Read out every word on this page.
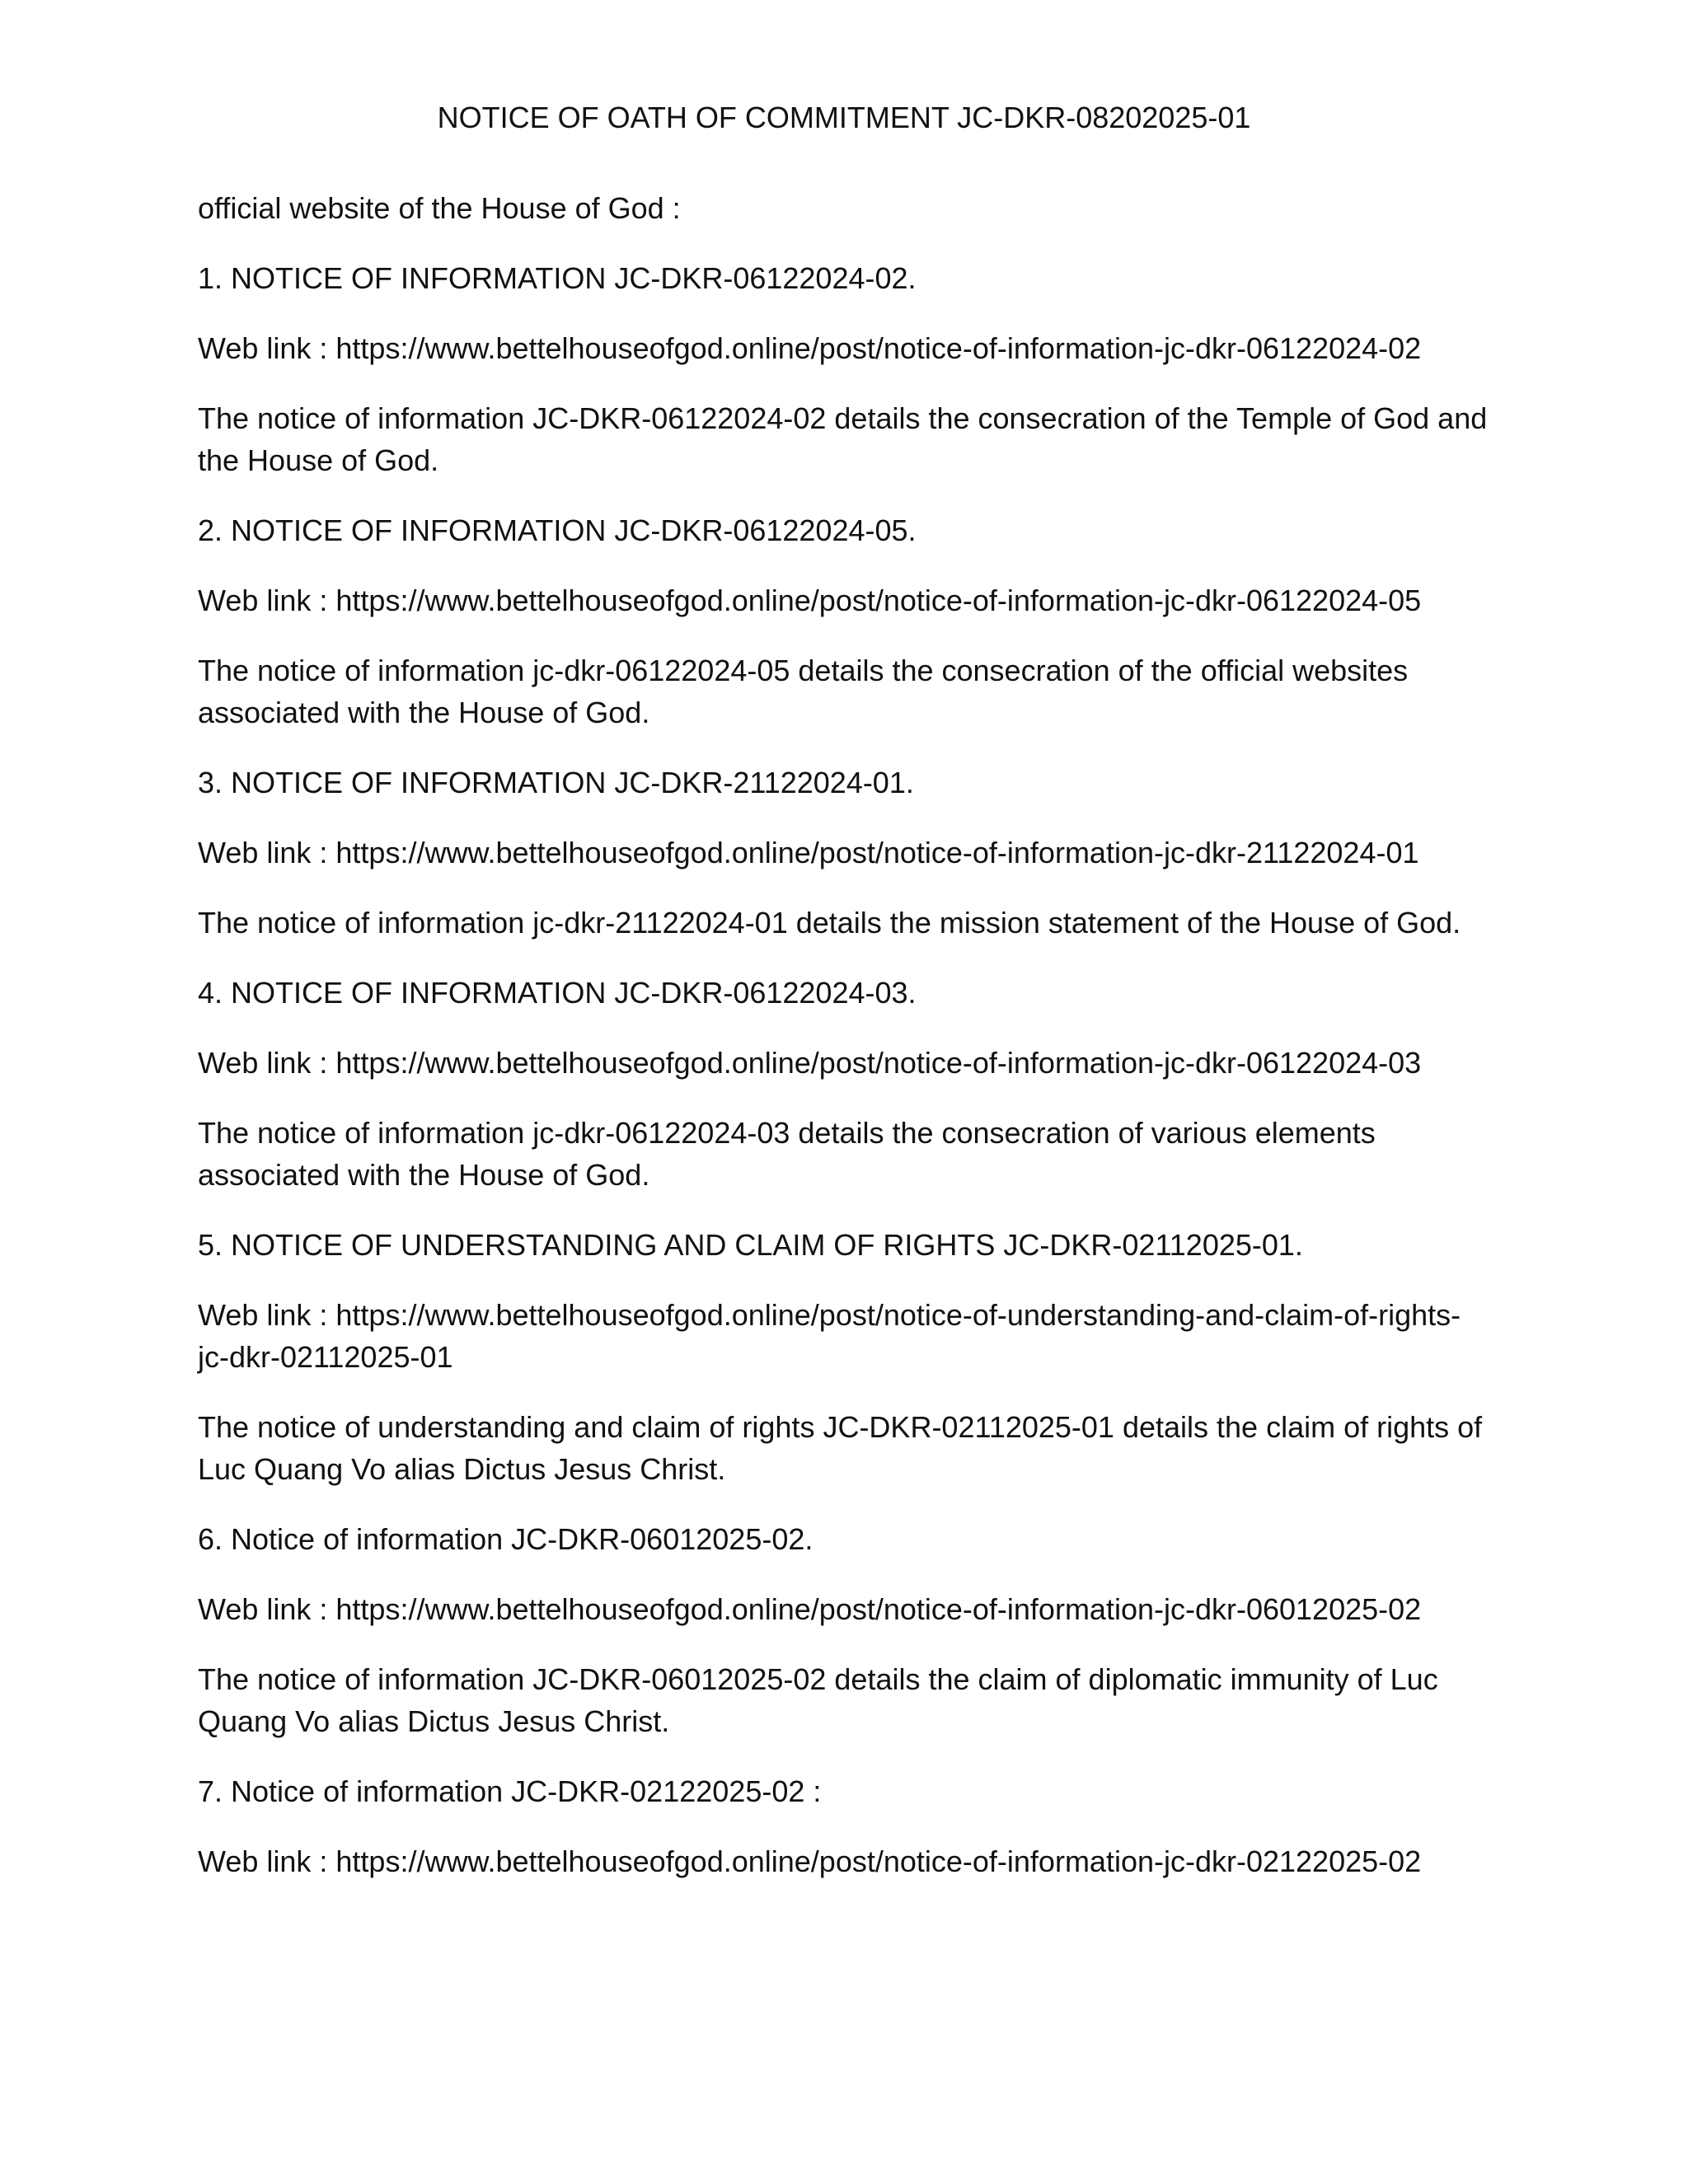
NOTICE OF OATH OF COMMITMENT JC-DKR-08202025-01

official website of the House of God :

1. NOTICE OF INFORMATION JC-DKR-06122024-02.

Web link : https://www.bettelhouseofgod.online/post/notice-of-information-jc-dkr-06122024-02

The notice of information JC-DKR-06122024-02 details the consecration of the Temple of God and the House of God.

2. NOTICE OF INFORMATION JC-DKR-06122024-05.

Web link : https://www.bettelhouseofgod.online/post/notice-of-information-jc-dkr-06122024-05

The notice of information jc-dkr-06122024-05 details the consecration of the official websites associated with the House of God.

3. NOTICE OF INFORMATION JC-DKR-21122024-01.

Web link : https://www.bettelhouseofgod.online/post/notice-of-information-jc-dkr-21122024-01

The notice of information jc-dkr-21122024-01 details the mission statement of the House of God.

4. NOTICE OF INFORMATION JC-DKR-06122024-03.

Web link : https://www.bettelhouseofgod.online/post/notice-of-information-jc-dkr-06122024-03

The notice of information jc-dkr-06122024-03 details the consecration of various elements associated with the House of God.

5. NOTICE OF UNDERSTANDING AND CLAIM OF RIGHTS JC-DKR-02112025-01.

Web link : https://www.bettelhouseofgod.online/post/notice-of-understanding-and-claim-of-rights-jc-dkr-02112025-01

The notice of understanding and claim of rights JC-DKR-02112025-01 details the claim of rights of Luc Quang Vo alias Dictus Jesus Christ.

6. Notice of information JC-DKR-06012025-02.

Web link : https://www.bettelhouseofgod.online/post/notice-of-information-jc-dkr-06012025-02

The notice of information JC-DKR-06012025-02 details the claim of diplomatic immunity of Luc Quang Vo alias Dictus Jesus Christ.

7. Notice of information JC-DKR-02122025-02 :

Web link : https://www.bettelhouseofgod.online/post/notice-of-information-jc-dkr-02122025-02
